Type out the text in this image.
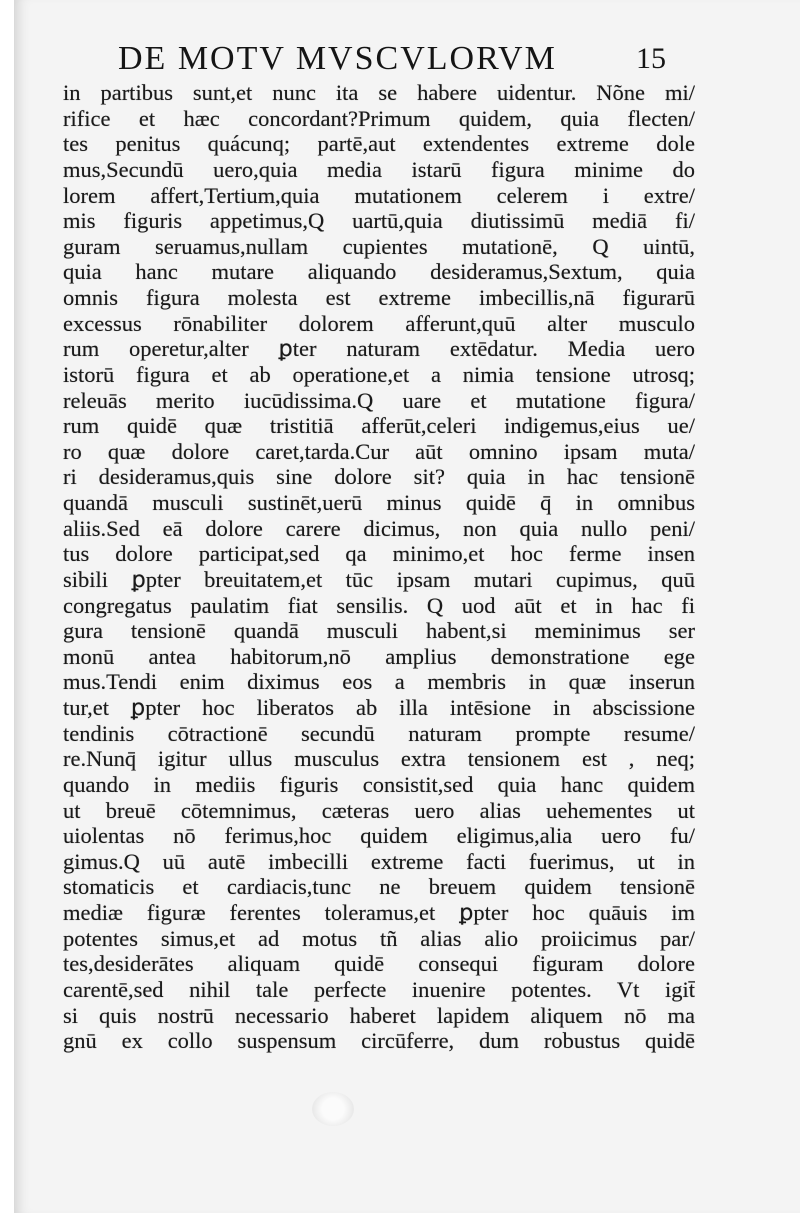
DE MOTV MVSCVLORVM	15
in partibus sunt,et nunc ita se habere uidentur. Nõne mi/
rifice et hæc concordant?Primum quidem, quia flecten/
tes penitus quácunq; partē,aut extendentes extreme dole
mus,Secundū uero,quia media istarū figura minime do
lorem affert,Tertium,quia mutationem celerem i extre/
mis figuris appetimus,Q uartū,quia diutissimū mediā fi/
guram seruamus,nullam cupientes mutationē, Q uintū,
quia hanc mutare aliquando desideramus,Sextum, quia
omnis figura molesta est extreme imbecillis,nā figurarū
excessus rōnabiliter dolorem afferunt,quū alter musculo
rum operetur,alter ꝑter naturam extēdatur. Media uero
istorū figura et ab operatione,et a nimia tensione utrosq;
releuās merito iucūdissima.Q uare et mutatione figura/
rum quidē quæ tristitiā afferūt,celeri indigemus,eius ue/
ro quæ dolore caret,tarda.Cur aūt omnino ipsam muta/
ri desideramus,quis sine dolore sit? quia in hac tensionē
quandā musculi sustinēt,uerū minus quidē q̄ in omnibus
aliis.Sed eā dolore carere dicimus, non quia nullo peni/
tus dolore participat,sed qa minimo,et hoc ferme insen
sibili ꝑpter breuitatem,et tūc ipsam mutari cupimus, quū
congregatus paulatim fiat sensilis. Q uod aūt et in hac fi
gura tensionē quandā musculi habent,si meminimus ser
monū antea habitorum,nō amplius demonstratione ege
mus.Tendi enim diximus eos a membris in quæ inserun
tur,et ꝑpter hoc liberatos ab illa intēsione in abscissione
tendinis cōtractionē secundū naturam prompte resume/
re.Nunq̄ igitur ullus musculus extra tensionem est , neq;
quando in mediis figuris consistit,sed quia hanc quidem
ut breuē cōtemnimus, cæteras uero alias uehementes ut
uiolentas nō ferimus,hoc quidem eligimus,alia uero fu/
gimus.Q uū autē imbecilli extreme facti fuerimus, ut in
stomaticis et cardiacis,tunc ne breuem quidem tensionē
mediæ figuræ ferentes toleramus,et ꝑpter hoc quāuis im
potentes simus,et ad motus tñ alias alio proiicimus par/
tes,desiderātes aliquam quidē consequi figuram dolore
carentē,sed nihil tale perfecte inuenire potentes. Vt igit̄
si quis nostrū necessario haberet lapidem aliquem nō ma
gnū ex collo suspensum circūferre, dum robustus quidē
